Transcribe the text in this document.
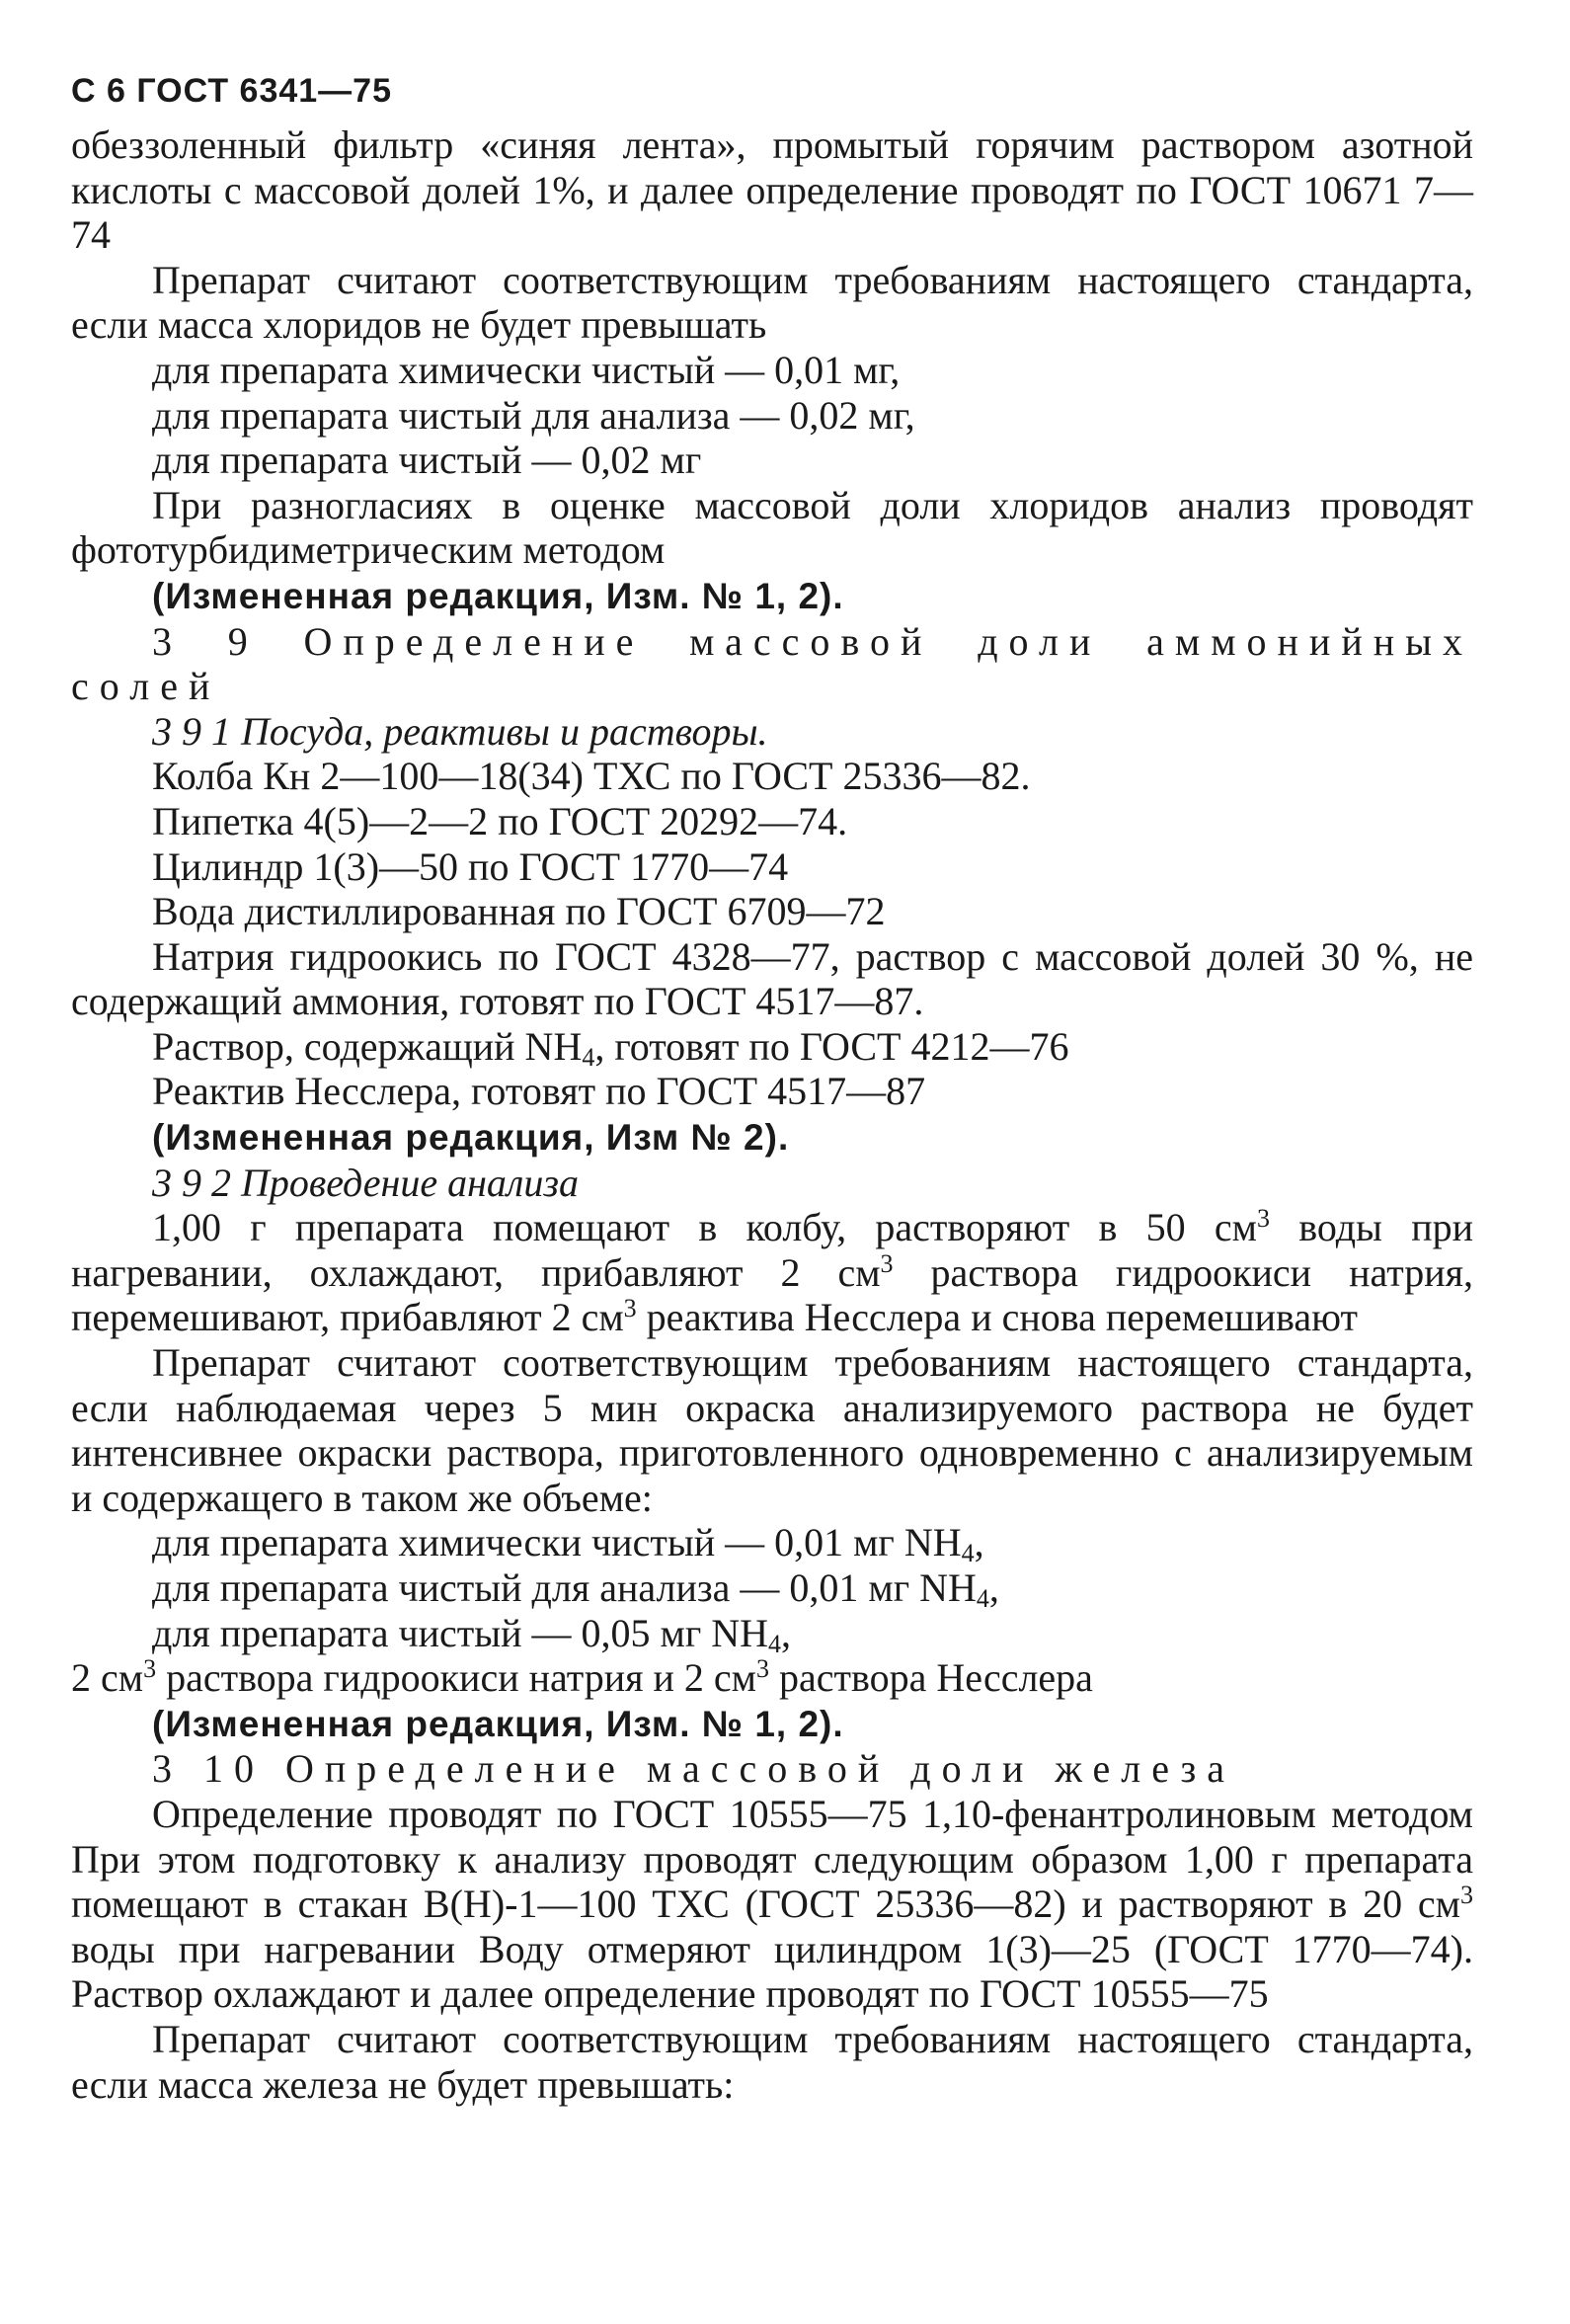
С 6 ГОСТ 6341—75

обеззоленный фильтр «синяя лента», промытый горячим раствором азотной кислоты с массовой долей 1%, и далее определение проводят по ГОСТ 10671 7—74

Препарат считают соответствующим требованиям настоящего стандарта, если масса хлоридов не будет превышать

для препарата химически чистый — 0,01 мг,

для препарата чистый для анализа — 0,02 мг,

для препарата чистый — 0,02 мг

При разногласиях в оценке массовой доли хлоридов анализ проводят фототурбидиметрическим методом

(Измененная редакция, Изм. № 1, 2).

3 9 Определение массовой доли аммонийных солей

3 9 1 Посуда, реактивы и растворы.

Колба Кн 2—100—18(34) ТХС по ГОСТ 25336—82.

Пипетка 4(5)—2—2 по ГОСТ 20292—74.

Цилиндр 1(3)—50 по ГОСТ 1770—74

Вода дистиллированная по ГОСТ 6709—72

Натрия гидроокись по ГОСТ 4328—77, раствор с массовой долей 30 %, не содержащий аммония, готовят по ГОСТ 4517—87.

Раствор, содержащий $NH_4$, готовят по ГОСТ 4212—76

Реактив Несслера, готовят по ГОСТ 4517—87

(Измененная редакция, Изм № 2).

3 9 2 Проведение анализа

1,00 г препарата помещают в колбу, растворяют в 50 $см^3$ воды при нагревании, охлаждают, прибавляют 2 $см^3$ раствора гидроокиси натрия, перемешивают, прибавляют 2 $см^3$ реактива Несслера и снова перемешивают

Препарат считают соответствующим требованиям настоящего стандарта, если наблюдаемая через 5 мин окраска анализируемого раствора не будет интенсивнее окраски раствора, приготовленного одновременно с анализируемым и содержащего в таком же объеме:

для препарата химически чистый — 0,01 мг $NH_4$,

для препарата чистый для анализа — 0,01 мг $NH_4$,

для препарата чистый — 0,05 мг $NH_4$,

2 $см^3$ раствора гидроокиси натрия и 2 $см^3$ раствора Несслера

(Измененная редакция, Изм. № 1, 2).

3 10 Определение массовой доли железа

Определение проводят по ГОСТ 10555—75 1,10-фенантролиновым методом При этом подготовку к анализу проводят следующим образом 1,00 г препарата помещают в стакан В(Н)-1—100 ТХС (ГОСТ 25336—82) и растворяют в 20 $см^3$ воды при нагревании Воду отмеряют цилиндром 1(3)—25 (ГОСТ 1770—74). Раствор охлаждают и далее определение проводят по ГОСТ 10555—75

Препарат считают соответствующим требованиям настоящего стандарта, если масса железа не будет превышать:
